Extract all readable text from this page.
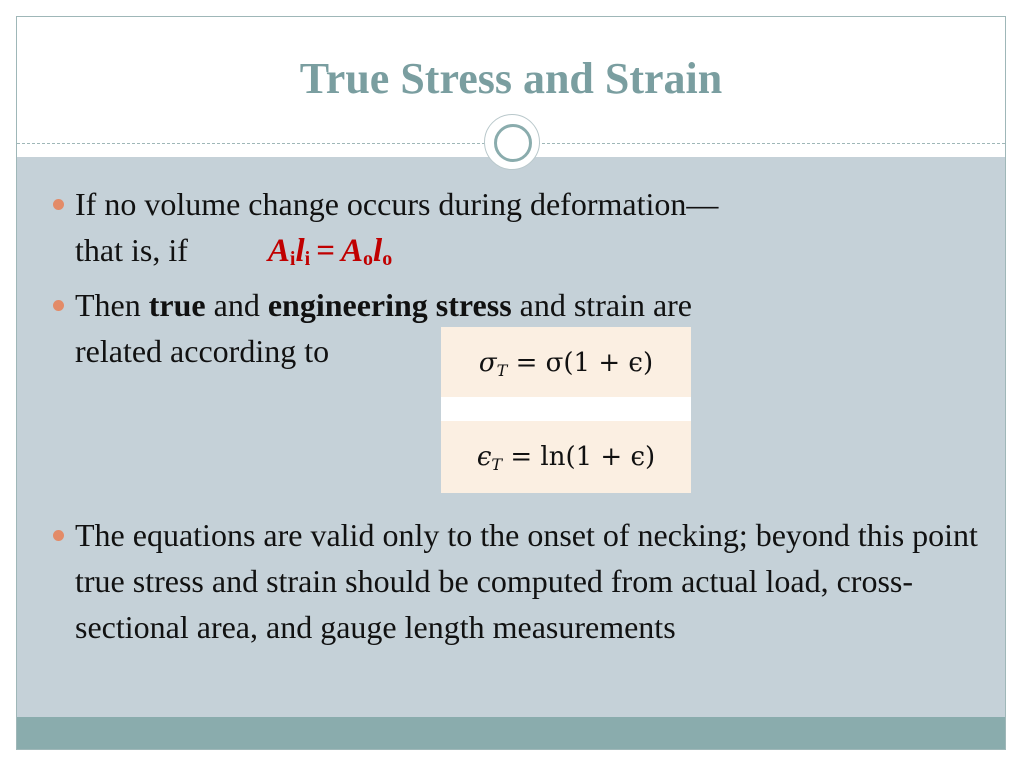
True Stress and Strain
If no volume change occurs during deformation—
that is, if $A_il_i = A_ol_o$
Then true and engineering stress and strain are
related according to
The equations are valid only to the onset of necking; beyond this point true stress and strain should be computed from actual load, cross-sectional area, and gauge length measurements
σT = σ(1 + ϵ)
ϵT = ln(1 + ϵ)
